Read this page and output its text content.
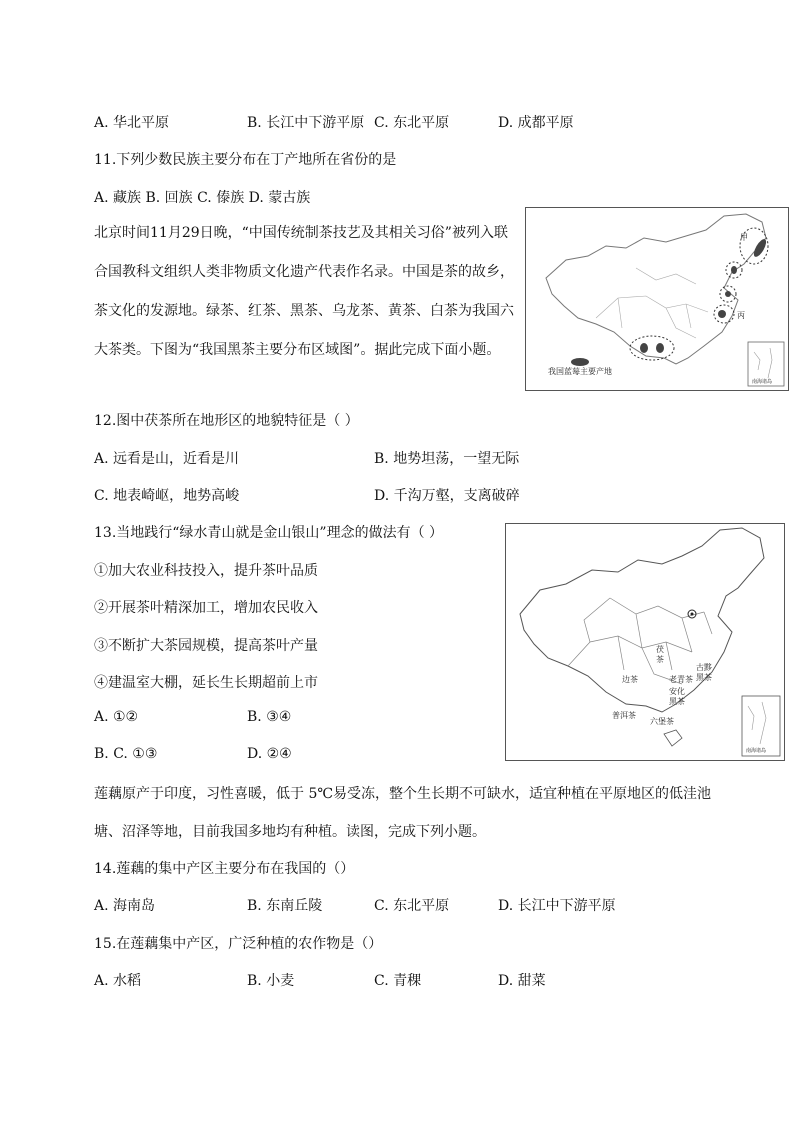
A. 华北平原	B. 长江中下游平原 C. 东北平原	D. 成都平原
11.下列少数民族主要分布在丁产地所在省份的是
A. 藏族 B. 回族 C. 傣族 D. 蒙古族
北京时间11月29日晚，“中国传统制茶技艺及其相关习俗”被列入联合国教科文组织人类非物质文化遗产代表作名录。中国是茶的故乡，茶文化的发源地。绿茶、红茶、黑茶、乌龙茶、黄茶、白茶为我国六大茶类。下图为“我国黑茶主要分布区域图”。据此完成下面小题。
甲
丙
我国蓝莓主要产地
南海诸岛
12.图中茯茶所在地形区的地貌特征是（ ）
A. 远看是山，近看是川	B. 地势坦荡，一望无际
C. 地表崎岖，地势高峻	D. 千沟万壑，支离破碎
13.当地践行“绿水青山就是金山银山”理念的做法有（ ）
①加大农业科技投入，提升茶叶品质
②开展茶叶精深加工，增加农民收入
③不断扩大茶园规模，提高茶叶产量
④建温室大棚，延长生长期超前上市
A. ①②	B. ③④
B. C. ①③	D. ②④
茯
茶
边茶	老青茶
古黟
黑茶
安化
黑茶
普洱茶
六堡茶
南海诸岛
莲藕原产于印度，习性喜暖，低于 5℃易受冻，整个生长期不可缺水，适宜种植在平原地区的低洼池塘、沼泽等地，目前我国多地均有种植。读图，完成下列小题。
14.莲藕的集中产区主要分布在我国的（）
A. 海南岛	B. 东南丘陵	C. 东北平原	D. 长江中下游平原
15.在莲藕集中产区，广泛种植的农作物是（）
A. 水稻	B. 小麦	C. 青稞	D. 甜菜
